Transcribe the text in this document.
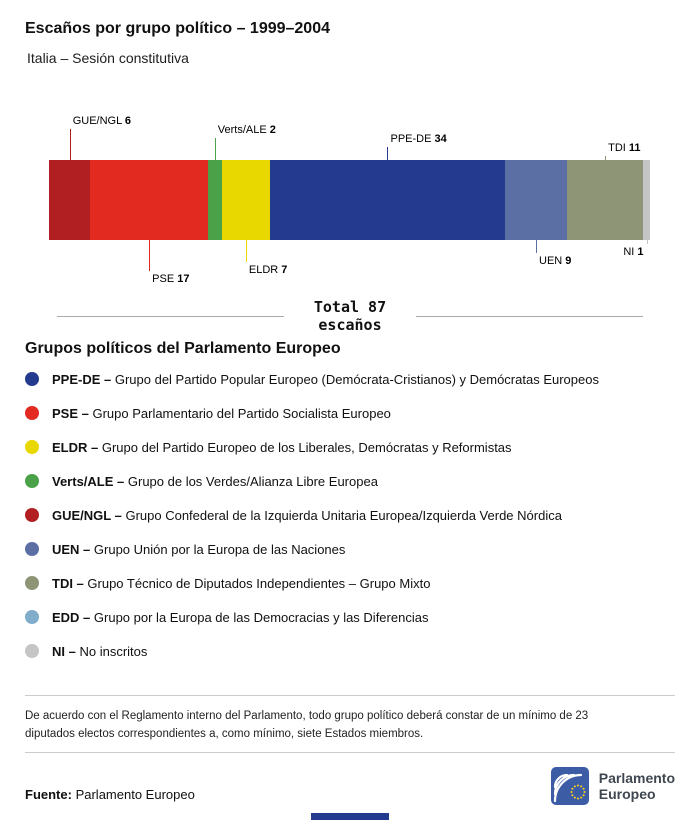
Escaños por grupo político – 1999–2004
Italia – Sesión constitutiva
GUE/NGL 6
PSE 17
Verts/ALE 2
ELDR 7
PPE-DE 34
UEN 9
TDI 11
NI 1
Total 87
escaños
Grupos políticos del Parlamento Europeo
PPE-DE – Grupo del Partido Popular Europeo (Demócrata-Cristianos) y Demócratas Europeos
PSE – Grupo Parlamentario del Partido Socialista Europeo
ELDR – Grupo del Partido Europeo de los Liberales, Demócratas y Reformistas
Verts/ALE – Grupo de los Verdes/Alianza Libre Europea
GUE/NGL – Grupo Confederal de la Izquierda Unitaria Europea/Izquierda Verde Nórdica
UEN – Grupo Unión por la Europa de las Naciones
TDI – Grupo Técnico de Diputados Independientes – Grupo Mixto
EDD – Grupo por la Europa de las Democracias y las Diferencias
NI – No inscritos

De acuerdo con el Reglamento interno del Parlamento, todo grupo político deberá constar de un mínimo de 23 diputados electos correspondientes a, como mínimo, siete Estados miembros.

Fuente: Parlamento Europeo
Parlamento
Europeo
